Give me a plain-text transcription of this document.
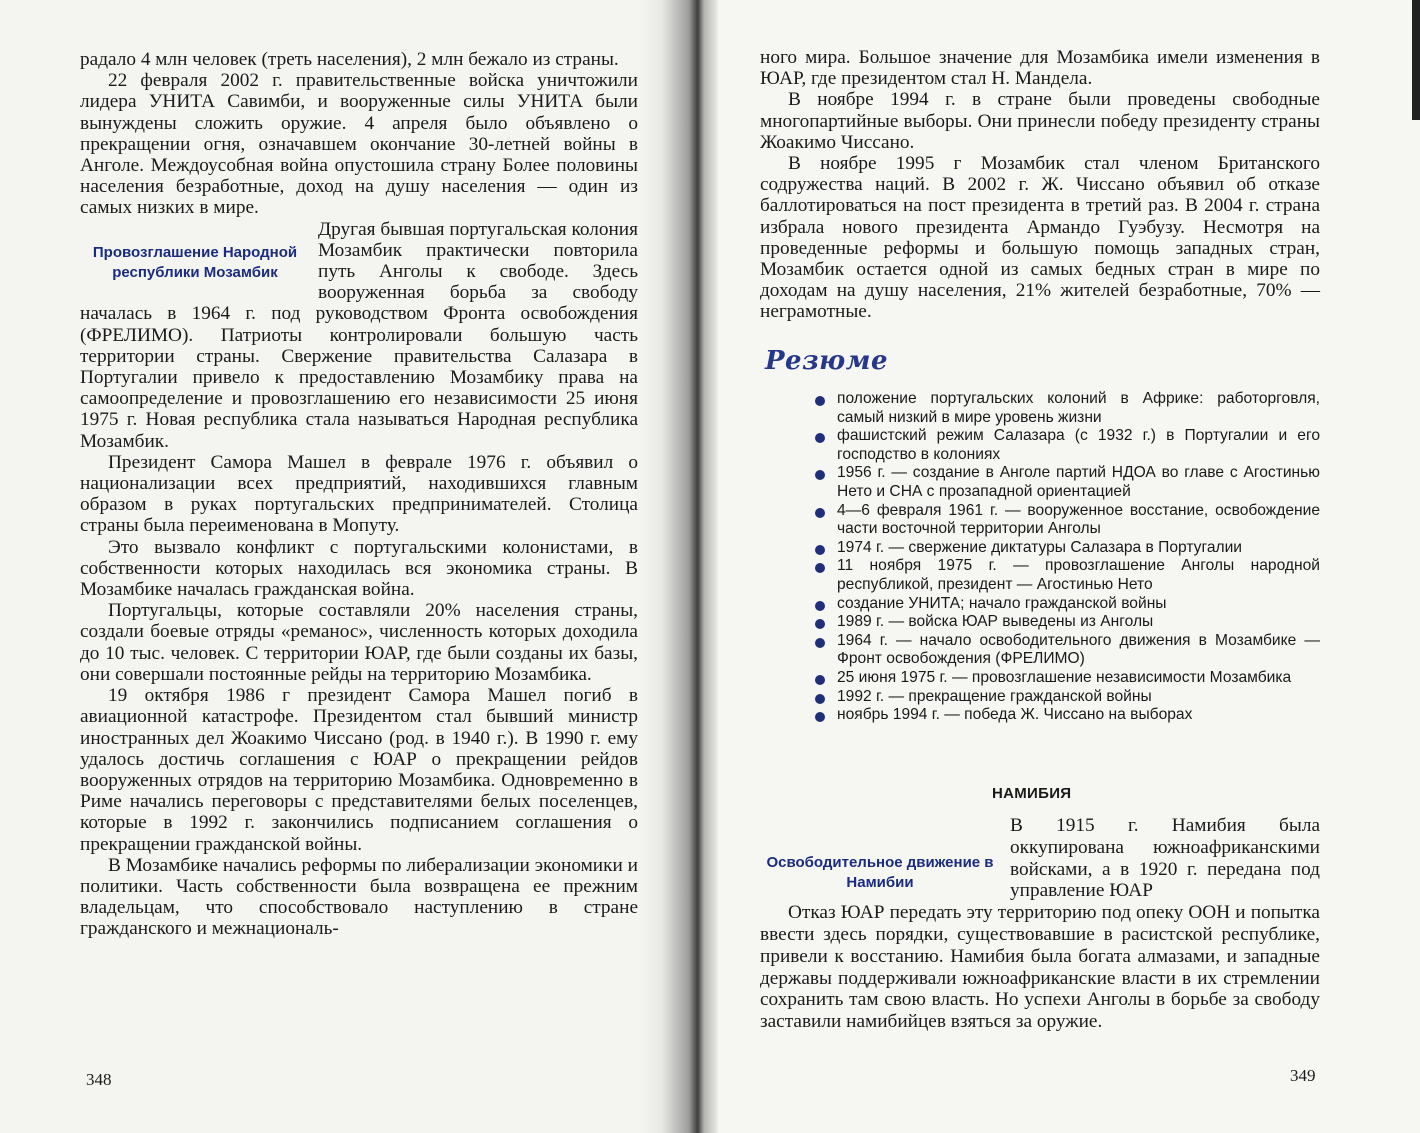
радало 4 млн человек (треть населения), 2 млн бежало из страны.

22 февраля 2002 г. правительственные войска уничтожили лидера УНИТА Савимби, и вооруженные силы УНИТА были вынуждены сложить оружие. 4 апреля было объявлено о прекращении огня, означавшем окончание 30-летней войны в Анголе. Междоусобная война опустошила страну Более половины населения безработные, доход на душу населения — один из самых низких в мире.

Провозглашение Народной республики Мозамбик

Другая бывшая португальская колония Мозамбик практически повторила путь Анголы к свободе. Здесь вооруженная борьба за свободу началась в 1964 г. под руководством Фронта освобождения (ФРЕЛИМО). Патриоты контролировали большую часть территории страны. Свержение правительства Салазара в Португалии привело к предоставлению Мозамбику права на самоопределение и провозглашению его независимости 25 июня 1975 г. Новая республика стала называться Народная республика Мозамбик.

Президент Самора Машел в феврале 1976 г. объявил о национализации всех предприятий, находившихся главным образом в руках португальских предпринимателей. Столица страны была переименована в Мопуту.

Это вызвало конфликт с португальскими колонистами, в собственности которых находилась вся экономика страны. В Мозамбике началась гражданская война.

Португальцы, которые составляли 20% населения страны, создали боевые отряды «реманос», численность которых доходила до 10 тыс. человек. С территории ЮАР, где были созданы их базы, они совершали постоянные рейды на территорию Мозамбика.

19 октября 1986 г президент Самора Машел погиб в авиационной катастрофе. Президентом стал бывший министр иностранных дел Жоакимо Чиссано (род. в 1940 г.). В 1990 г. ему удалось достичь соглашения с ЮАР о прекращении рейдов вооруженных отрядов на территорию Мозамбика. Одновременно в Риме начались переговоры с представителями белых поселенцев, которые в 1992 г. закончились подписанием соглашения о прекращении гражданской войны.

В Мозамбике начались реформы по либерализации экономики и политики. Часть собственности была возвращена ее прежним владельцам, что способствовало наступлению в стране гражданского и межнациональ-

348

ного мира. Большое значение для Мозамбика имели изменения в ЮАР, где президентом стал Н. Мандела.

В ноябре 1994 г. в стране были проведены свободные многопартийные выборы. Они принесли победу президенту страны Жоакимо Чиссано.

В ноябре 1995 г Мозамбик стал членом Британского содружества наций. В 2002 г. Ж. Чиссано объявил об отказе баллотироваться на пост президента в третий раз. В 2004 г. страна избрала нового президента Армандо Гуэбузу. Несмотря на проведенные реформы и большую помощь западных стран, Мозамбик остается одной из самых бедных стран в мире по доходам на душу населения, 21% жителей безработные, 70% — неграмотные.

Резюме
положение португальских колоний в Африке: работорговля, самый низкий в мире уровень жизни
фашистский режим Салазара (с 1932 г.) в Португалии и его господство в колониях
1956 г. — создание в Анголе партий НДОА во главе с Агостинью Нето и СНА с прозападной ориентацией
4—6 февраля 1961 г. — вооруженное восстание, освобождение части восточной территории Анголы
1974 г. — свержение диктатуры Салазара в Португалии
11 ноября 1975 г. — провозглашение Анголы народной республикой, президент — Агостинью Нето
создание УНИТА; начало гражданской войны
1989 г. — войска ЮАР выведены из Анголы
1964 г. — начало освободительного движения в Мозамбике — Фронт освобождения (ФРЕЛИМО)
25 июня 1975 г. — провозглашение независимости Мозамбика
1992 г. — прекращение гражданской войны
ноябрь 1994 г. — победа Ж. Чиссано на выборах
НАМИБИЯ
Освободительное движение в Намибии

В 1915 г. Намибия была оккупирована южноафриканскими войсками, а в 1920 г. передана под управление ЮАР

Отказ ЮАР передать эту территорию под опеку ООН и попытка ввести здесь порядки, существовавшие в расистской республике, привели к восстанию. Намибия была богата алмазами, и западные державы поддерживали южноафриканские власти в их стремлении сохранить там свою власть. Но успехи Анголы в борьбе за свободу заставили намибийцев взяться за оружие.

349
